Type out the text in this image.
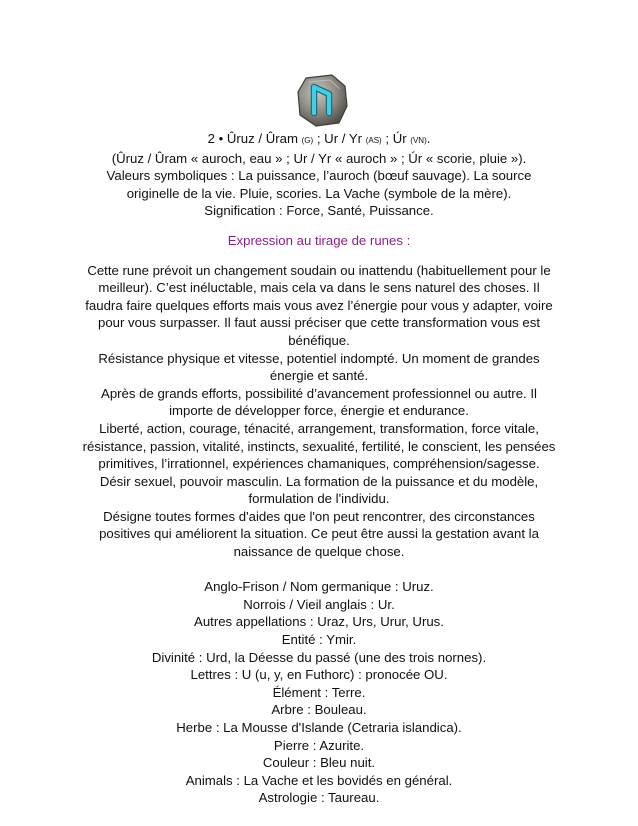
2 • Ûruz / Ûram (G) ; Ur / Yr (AS) ; Úr (VN).

(Ûruz / Ûram « auroch, eau » ; Ur / Yr « auroch » ; Úr « scorie, pluie »).

Valeurs symboliques : La puissance, l’auroch (bœuf sauvage). La source

originelle de la vie. Pluie, scories. La Vache (symbole de la mère).

Signification : Force, Santé, Puissance.

Expression au tirage de runes :

Cette rune prévoit un changement soudain ou inattendu (habituellement pour le

meilleur). C’est inéluctable, mais cela va dans le sens naturel des choses. Il

faudra faire quelques efforts mais vous avez l’énergie pour vous y adapter, voire

pour vous surpasser. Il faut aussi préciser que cette transformation vous est

bénéfique.

Résistance physique et vitesse, potentiel indompté. Un moment de grandes

énergie et santé.

Après de grands efforts, possibilité d’avancement professionnel ou autre. Il

importe de développer force, énergie et endurance.

Liberté, action, courage, ténacité, arrangement, transformation, force vitale,

résistance, passion, vitalité, instincts, sexualité, fertilité, le conscient, les pensées

primitives, l’irrationnel, expériences chamaniques, compréhension/sagesse.

Désir sexuel, pouvoir masculin. La formation de la puissance et du modèle,

formulation de l'individu.

Désigne toutes formes d'aides que l'on peut rencontrer, des circonstances

positives qui améliorent la situation. Ce peut être aussi la gestation avant la

naissance de quelque chose.

Anglo-Frison / Nom germanique : Uruz.

Norrois / Vieil anglais : Ur.

Autres appellations : Uraz, Urs, Urur, Urus.

Entité : Ymir.

Divinité : Urd, la Déesse du passé (une des trois nornes).

Lettres : U (u, y, en Futhorc) : pronocée OU.

Élément : Terre.

Arbre : Bouleau.

Herbe : La Mousse d'Islande (Cetraria islandica).

Pierre : Azurite.

Couleur : Bleu nuit.

Animals : La Vache et les bovidés en général.

Astrologie : Taureau.
